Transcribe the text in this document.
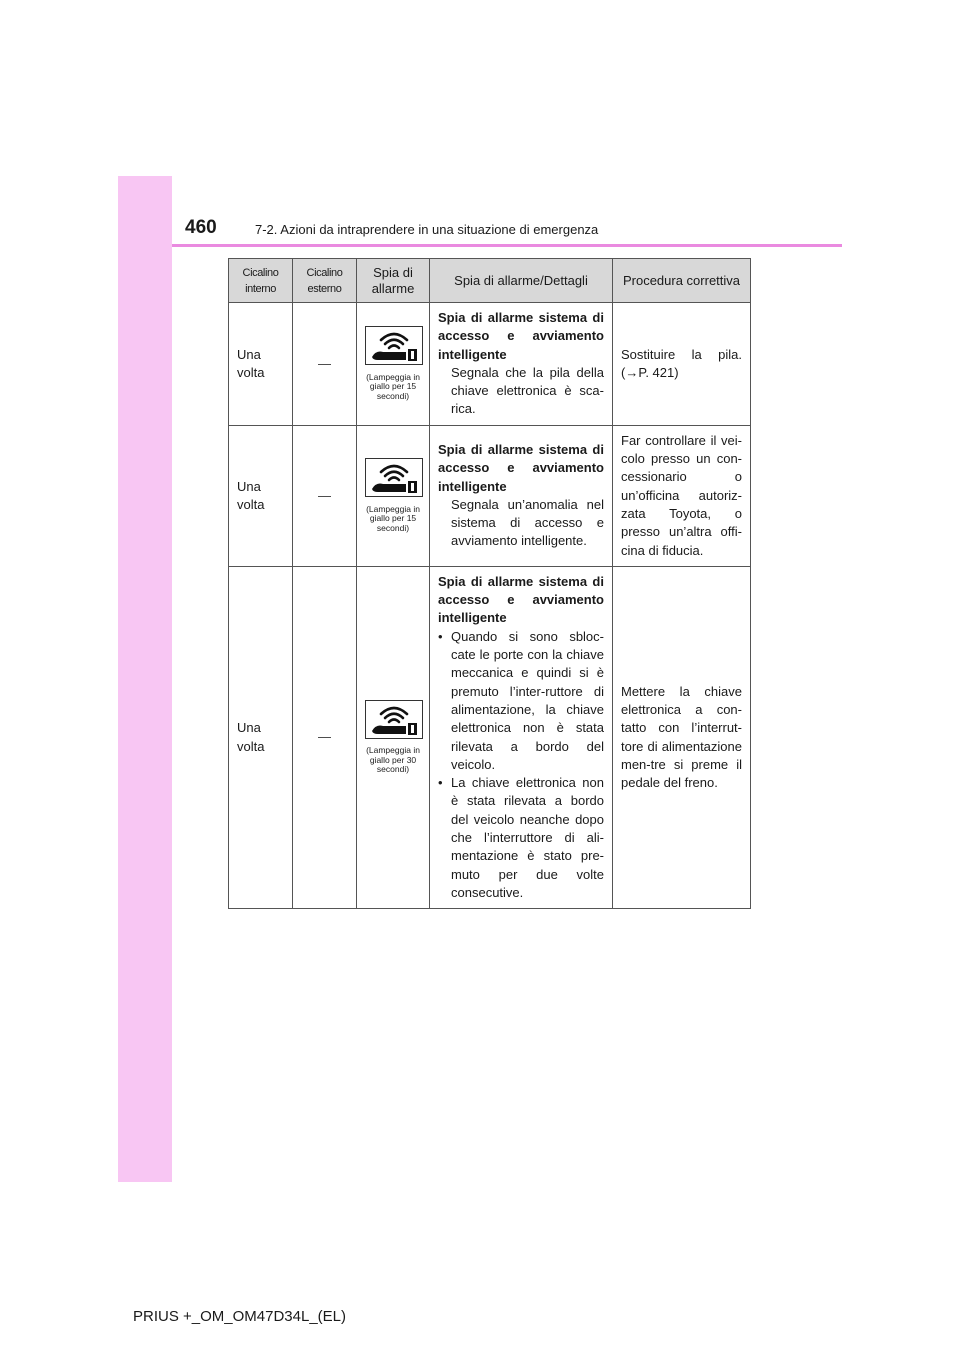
460	7-2. Azioni da intraprendere in una situazione di emergenza
Cicalino interno	Cicalino esterno	Spia di allarme	Spia di allarme/Dettagli	Procedura correttiva
Una volta	—	(Lampeggia in giallo per 15 secondi)	Spia di allarme sistema di accesso e avviamento intelligente
Segnala che la pila della chiave elettronica è sca-rica.	Sostituire la pila. (→P. 421)
Una volta	—	(Lampeggia in giallo per 15 secondi)	Spia di allarme sistema di accesso e avviamento intelligente
Segnala un’anomalia nel sistema di accesso e avviamento intelligente.	Far controllare il vei-colo presso un con-cessionario o un’officina autoriz-zata Toyota, o presso un’altra offi-cina di fiducia.
Una volta	—	(Lampeggia in giallo per 30 secondi)	Spia di allarme sistema di accesso e avviamento intelligente
• Quando si sono sbloc-cate le porte con la chiave meccanica e quindi si è premuto l’inter-ruttore di alimentazione, la chiave elettronica non è stata rilevata a bordo del veicolo.
• La chiave elettronica non è stata rilevata a bordo del veicolo neanche dopo che l’interruttore di ali-mentazione è stato pre-muto per due volte consecutive.	Mettere la chiave elettronica a con-tatto con l’interrut-tore di alimentazione men-tre si preme il pedale del freno.
PRIUS +_OM_OM47D34L_(EL)
